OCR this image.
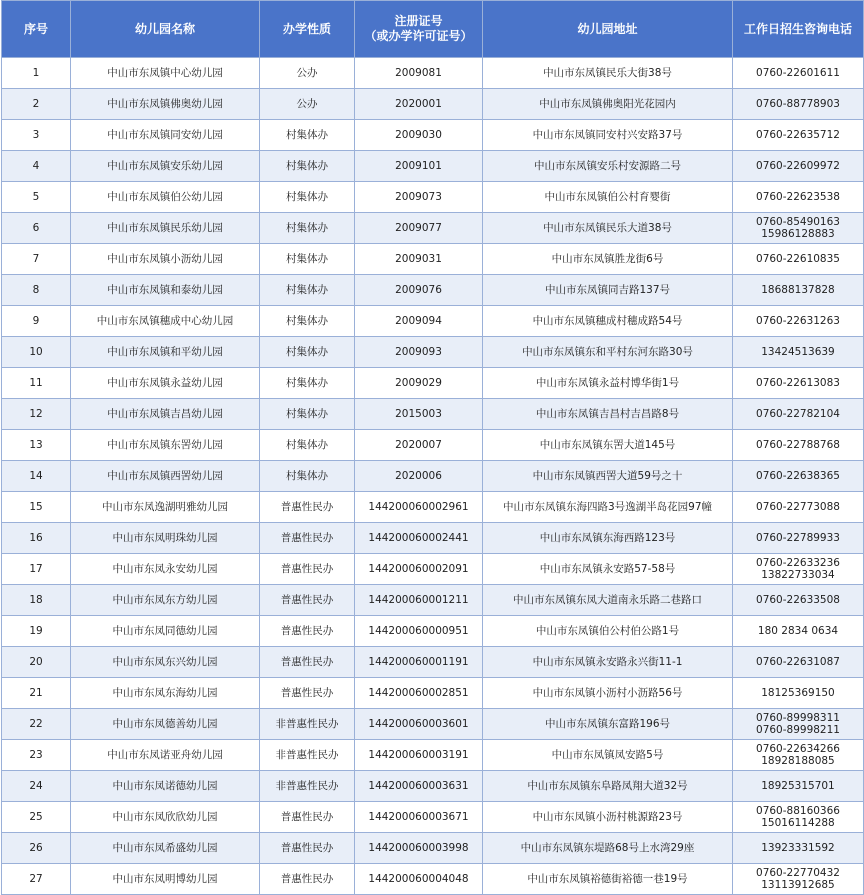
序号	幼儿园名称	办学性质	注册证号
（或办学许可证号）	幼儿园地址	工作日招生咨询电话
1	中山市东凤镇中心幼儿园	公办	2009081	中山市东凤镇民乐大街38号	0760-22601611

2	中山市东凤镇佛奥幼儿园	公办	2020001	中山市东凤镇佛奥阳光花园内	0760-88778903

3	中山市东凤镇同安幼儿园	村集体办	2009030	中山市东凤镇同安村兴安路37号	0760-22635712

4	中山市东凤镇安乐幼儿园	村集体办	2009101	中山市东凤镇安乐村安源路二号	0760-22609972

5	中山市东凤镇伯公幼儿园	村集体办	2009073	中山市东凤镇伯公村育婴街	0760-22623538

6	中山市东凤镇民乐幼儿园	村集体办	2009077	中山市东凤镇民乐大道38号	0760-85490163
15986128883

7	中山市东凤镇小沥幼儿园	村集体办	2009031	中山市东凤镇胜龙街6号	0760-22610835

8	中山市东凤镇和泰幼儿园	村集体办	2009076	中山市东凤镇同吉路137号	18688137828

9	中山市东凤镇穗成中心幼儿园	村集体办	2009094	中山市东凤镇穗成村穗成路54号	0760-22631263

10	中山市东凤镇和平幼儿园	村集体办	2009093	中山市东凤镇东和平村东河东路30号	13424513639

11	中山市东凤镇永益幼儿园	村集体办	2009029	中山市东凤镇永益村博华街1号	0760-22613083

12	中山市东凤镇吉昌幼儿园	村集体办	2015003	中山市东凤镇吉昌村吉昌路8号	0760-22782104

13	中山市东凤镇东罟幼儿园	村集体办	2020007	中山市东凤镇东罟大道145号	0760-22788768

14	中山市东凤镇西罟幼儿园	村集体办	2020006	中山市东凤镇西罟大道59号之十	0760-22638365

15	中山市东凤逸湖明雅幼儿园	普惠性民办	144200060002961	中山市东凤镇东海四路3号逸湖半岛花园97幢	0760-22773088

16	中山市东凤明珠幼儿园	普惠性民办	144200060002441	中山市东凤镇东海西路123号	0760-22789933

17	中山市东凤永安幼儿园	普惠性民办	144200060002091	中山市东凤镇永安路57-58号	0760-22633236
13822733034

18	中山市东凤东方幼儿园	普惠性民办	144200060001211	中山市东凤镇东凤大道南永乐路二巷路口	0760-22633508

19	中山市东凤同德幼儿园	普惠性民办	144200060000951	中山市东凤镇伯公村伯公路1号	180 2834 0634

20	中山市东凤东兴幼儿园	普惠性民办	144200060001191	中山市东凤镇永安路永兴街11-1	0760-22631087

21	中山市东凤东海幼儿园	普惠性民办	144200060002851	中山市东凤镇小沥村小沥路56号	18125369150

22	中山市东凤德善幼儿园	非普惠性民办	144200060003601	中山市东凤镇东富路196号	0760-89998311
0760-89998211

23	中山市东凤诺亚舟幼儿园	非普惠性民办	144200060003191	中山市东凤镇凤安路5号	0760-22634266
18928188085

24	中山市东凤诺德幼儿园	非普惠性民办	144200060003631	中山市东凤镇东阜路凤翔大道32号	18925315701

25	中山市东凤欣欣幼儿园	普惠性民办	144200060003671	中山市东凤镇小沥村桃源路23号	0760-88160366
15016114288

26	中山市东凤希盛幼儿园	普惠性民办	144200060003998	中山市东凤镇东堤路68号上水湾29座	13923331592

27	中山市东凤明博幼儿园	普惠性民办	144200060004048	中山市东凤镇裕德街裕德一巷19号	0760-22770432
13113912685
